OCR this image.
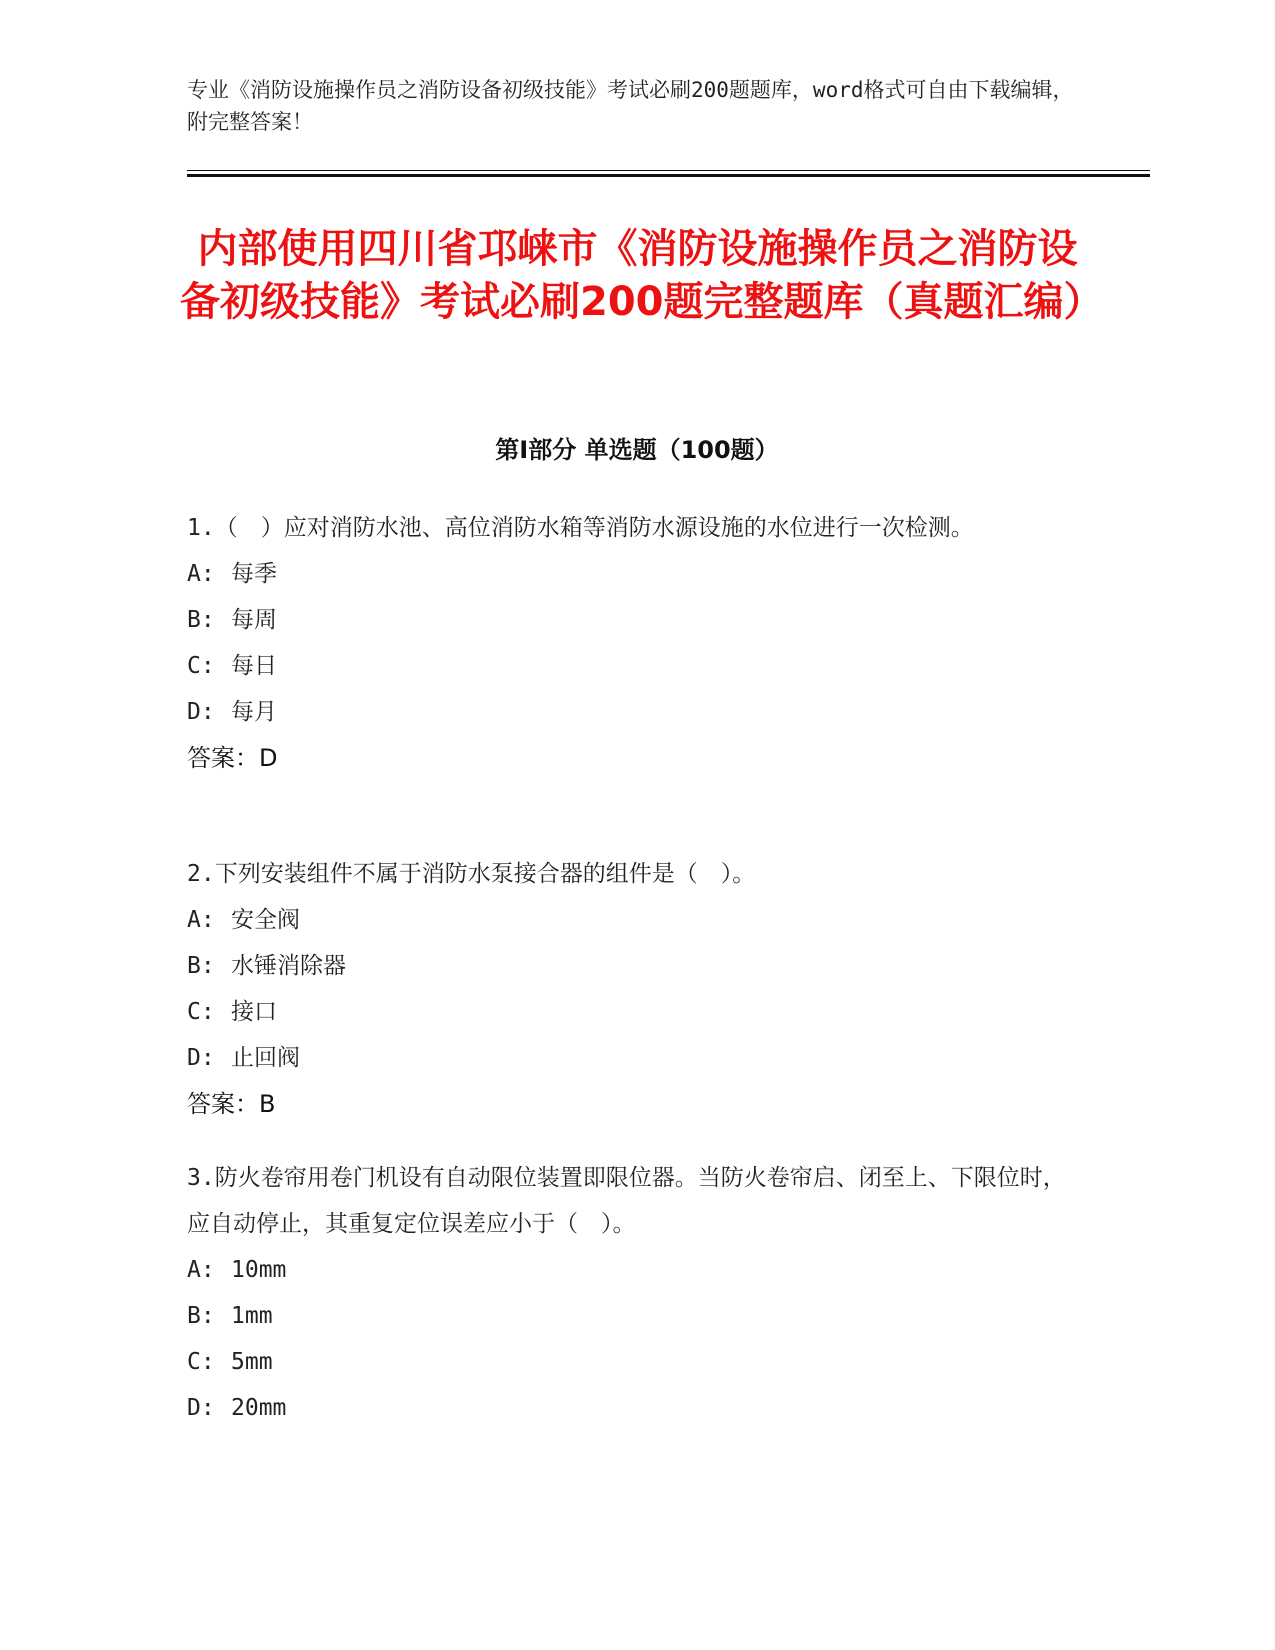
专业《消防设施操作员之消防设备初级技能》考试必刷200题题库，word格式可自由下载编辑，附完整答案！
内部使用四川省邛崃市《消防设施操作员之消防设备初级技能》考试必刷200题完整题库（真题汇编）
第Ⅰ部分 单选题（100题）

1.（　）应对消防水池、高位消防水箱等消防水源设施的水位进行一次检测。

A: 每季
B: 每周
C: 每日
D: 每月
答案：D

2.下列安装组件不属于消防水泵接合器的组件是（　）。

A: 安全阀
B: 水锤消除器
C: 接口
D: 止回阀
答案：B

3.防火卷帘用卷门机设有自动限位装置即限位器。当防火卷帘启、闭至上、下限位时，应自动停止，其重复定位误差应小于（　）。

A: 10mm
B: 1mm
C: 5mm
D: 20mm
